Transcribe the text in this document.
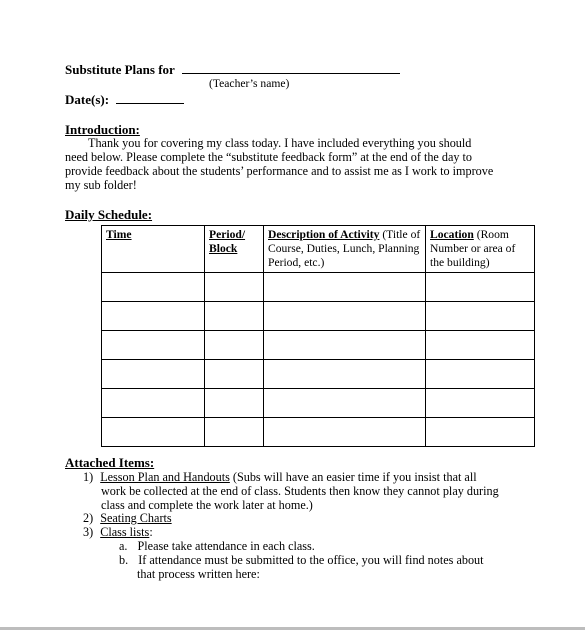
Substitute Plans for
(Teacher’s name)
Date(s):
Introduction:
Thank you for covering my class today. I have included everything you should
need below. Please complete the “substitute feedback form” at the end of the day to
provide feedback about the students’ performance and to assist me as I work to improve
my sub folder!
Daily Schedule:
Time	Period/ Block	Description of Activity (Title of Course, Duties, Lunch, Planning Period, etc.)	Location (Room Number or area of the building)

Attached Items:
1) Lesson Plan and Handouts (Subs will have an easier time if you insist that all
work be collected at the end of class. Students then know they cannot play during
class and complete the work later at home.)
2) Seating Charts
3) Class lists:
a. Please take attendance in each class.
b. If attendance must be submitted to the office, you will find notes about
that process written here:
